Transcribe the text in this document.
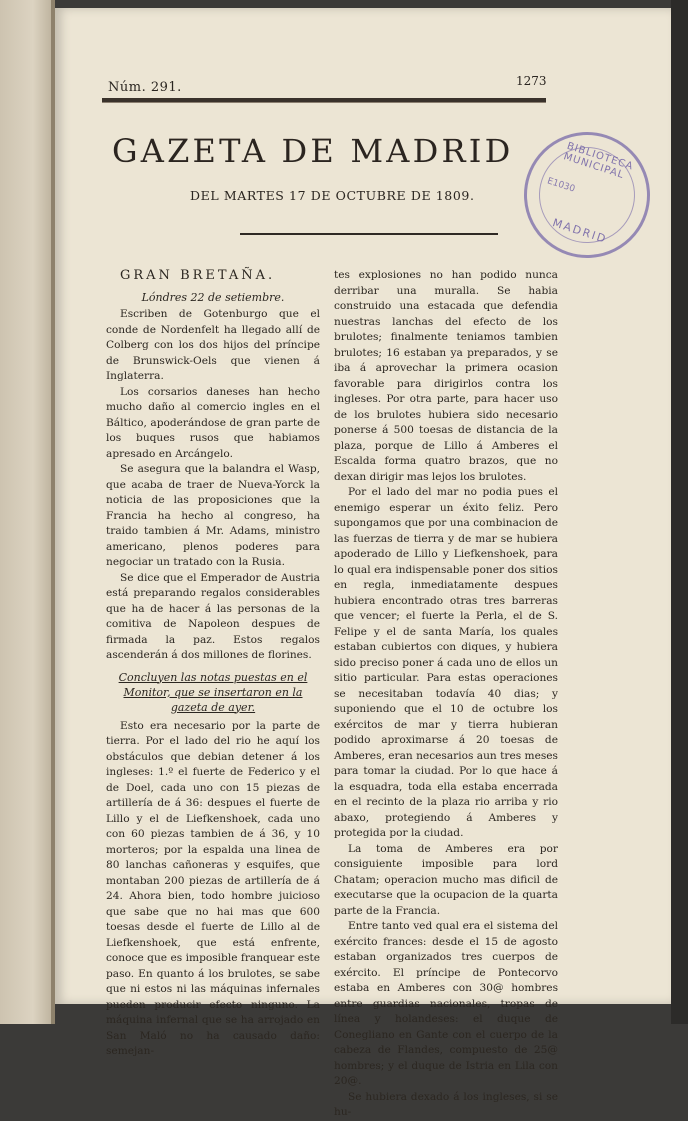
Núm. 291.	1273
GAZETA DE MADRID
DEL MARTES 17 DE OCTUBRE DE 1809.
BIBLIOTECA MUNICIPAL
E1030
MADRID

GRAN BRETAÑA.

Lóndres 22 de setiembre.

Escriben de Gotenburgo que el conde de Nordenfelt ha llegado allí de Colberg con los dos hijos del príncipe de Brunswick-Oels que vienen á Inglaterra.

Los corsarios daneses han hecho mucho daño al comercio ingles en el Báltico, apoderándose de gran parte de los buques rusos que habiamos apresado en Arcángelo.

Se asegura que la balandra el Wasp, que acaba de traer de Nueva-Yorck la noticia de las proposiciones que la Francia ha hecho al congreso, ha traido tambien á Mr. Adams, ministro americano, plenos poderes para negociar un tratado con la Rusia.

Se dice que el Emperador de Austria está preparando regalos considerables que ha de hacer á las personas de la comitiva de Napoleon despues de firmada la paz. Estos regalos ascenderán á dos millones de florines.

Concluyen las notas puestas en el Monitor, que se insertaron en la gazeta de ayer.

Esto era necesario por la parte de tierra. Por el lado del rio he aquí los obstáculos que debian detener á los ingleses: 1.º el fuerte de Federico y el de Doel, cada uno con 15 piezas de artillería de á 36: despues el fuerte de Lillo y el de Liefkenshoek, cada uno con 60 piezas tambien de á 36, y 10 morteros; por la espalda una linea de 80 lanchas cañoneras y esquifes, que montaban 200 piezas de artillería de á 24. Ahora bien, todo hombre juicioso que sabe que no hai mas que 600 toesas desde el fuerte de Lillo al de Liefkenshoek, que está enfrente, conoce que es imposible franquear este paso. En quanto á los brulotes, se sabe que ni estos ni las máquinas infernales pueden producir efecto ninguno. La máquina infernal que se ha arrojado en San Maló no ha causado daño: semejan-

tes explosiones no han podido nunca derribar una muralla. Se habia construido una estacada que defendia nuestras lanchas del efecto de los brulotes; finalmente teniamos tambien brulotes; 16 estaban ya preparados, y se iba á aprovechar la primera ocasion favorable para dirigirlos contra los ingleses. Por otra parte, para hacer uso de los brulotes hubiera sido necesario ponerse á 500 toesas de distancia de la plaza, porque de Lillo á Amberes el Escalda forma quatro brazos, que no dexan dirigir mas lejos los brulotes.

Por el lado del mar no podia pues el enemigo esperar un éxito feliz. Pero supongamos que por una combinacion de las fuerzas de tierra y de mar se hubiera apoderado de Lillo y Liefkenshoek, para lo qual era indispensable poner dos sitios en regla, inmediatamente despues hubiera encontrado otras tres barreras que vencer; el fuerte la Perla, el de S. Felipe y el de santa María, los quales estaban cubiertos con diques, y hubiera sido preciso poner á cada uno de ellos un sitio particular. Para estas operaciones se necesitaban todavía 40 dias; y suponiendo que el 10 de octubre los exércitos de mar y tierra hubieran podido aproximarse á 20 toesas de Amberes, eran necesarios aun tres meses para tomar la ciudad. Por lo que hace á la esquadra, toda ella estaba encerrada en el recinto de la plaza rio arriba y rio abaxo, protegiendo á Amberes y protegida por la ciudad.

La toma de Amberes era por consiguiente imposible para lord Chatam; operacion mucho mas dificil de executarse que la ocupacion de la quarta parte de la Francia.

Entre tanto ved qual era el sistema del exército frances: desde el 15 de agosto estaban organizados tres cuerpos de exército. El príncipe de Pontecorvo estaba en Amberes con 30@ hombres entre guardias nacionales, tropas de línea y holandeses: el duque de Conegliano en Gante con el cuerpo de la cabeza de Flandes, compuesto de 25@ hombres; y el duque de Istria en Lila con 20@.

Se hubiera dexado á los ingleses, si se hu-
